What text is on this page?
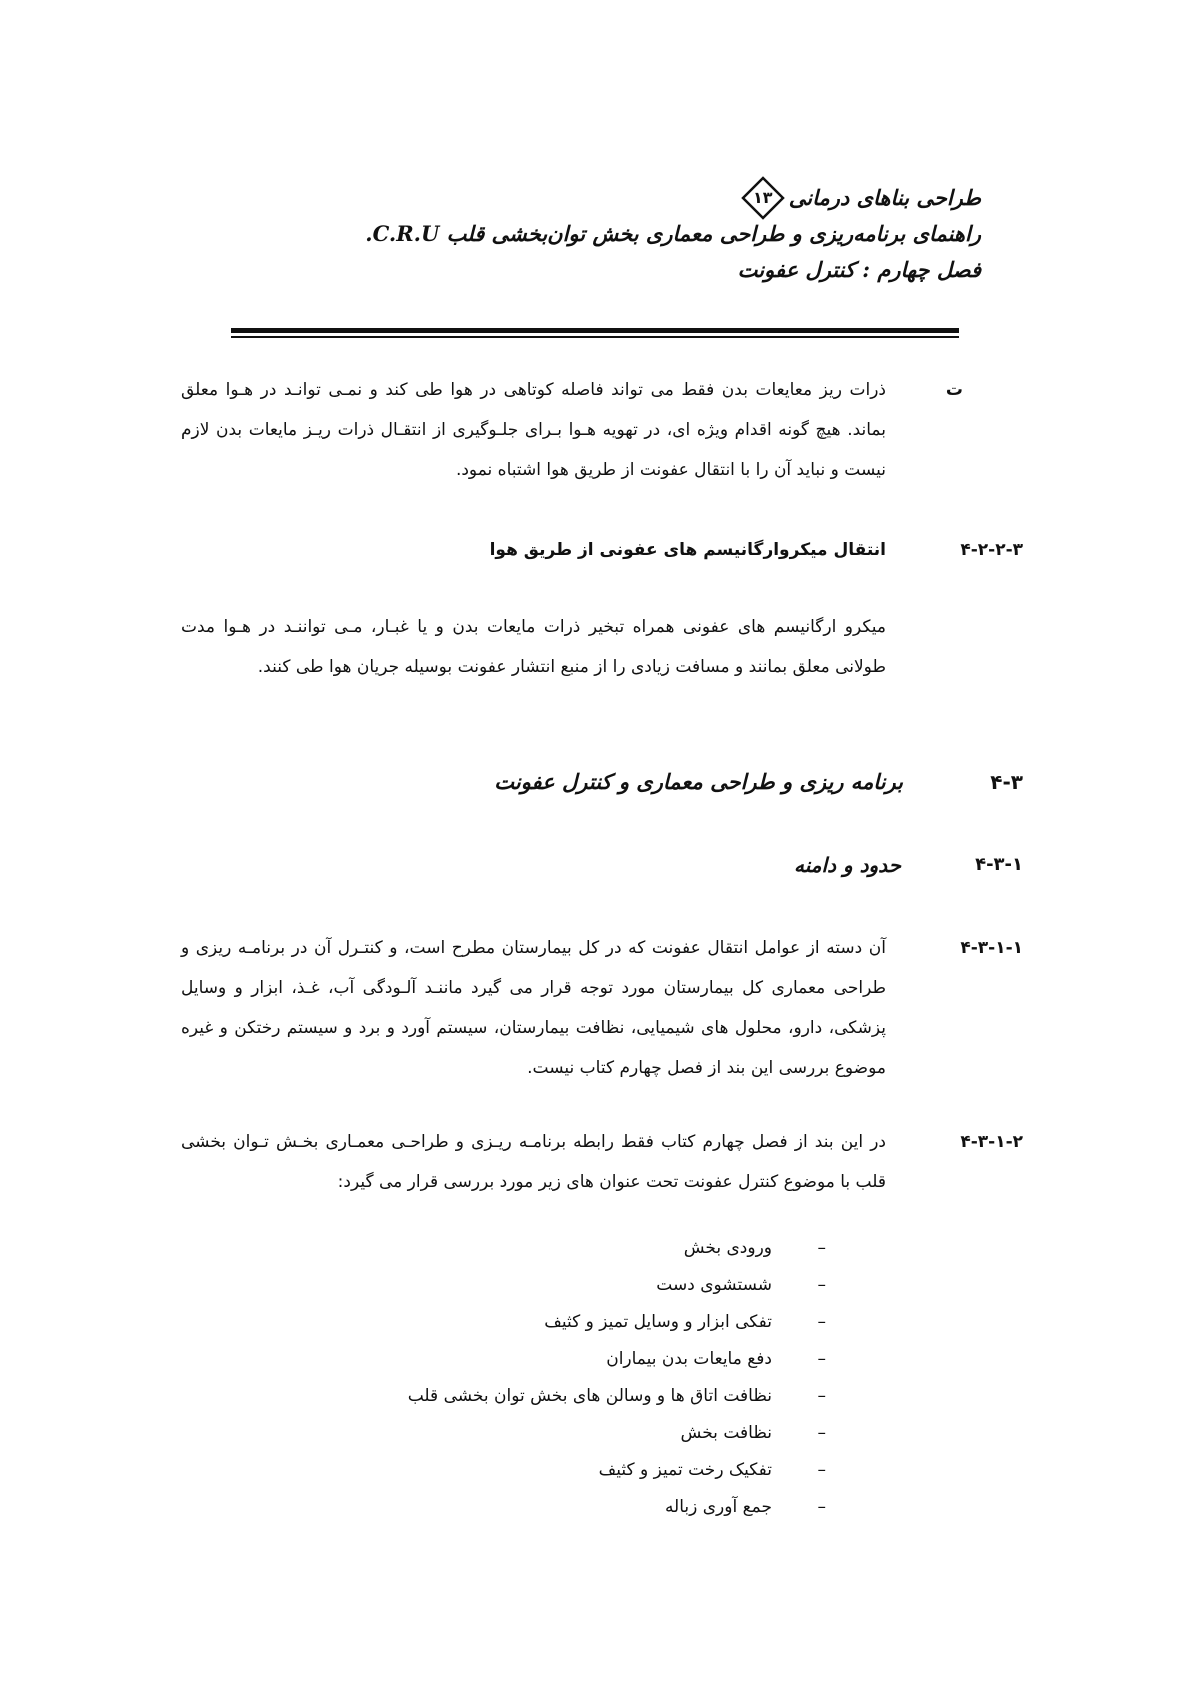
طراحی بناهای درمانی
۱۳
راهنمای برنامه‌ریزی و طراحی معماری بخش توان‌بخشی قلب C.R.U.
فصل چهارم : کنترل عفونت
ت
ذرات ریز معایعات بدن فقط می تواند فاصله کوتاهی در هوا طی کند و نمـی توانـد در هـوا معلق بماند. هیچ گونه اقدام ویژه ای، در تهویه هـوا بـرای جلـوگیری از انتقـال ذرات ریـز مایعات بدن لازم نیست و نباید آن را با انتقال عفونت از طریق هوا اشتباه نمود.
۴-۲-۲-۳
انتقال میکروارگانیسم های عفونی از طریق هوا
میکرو ارگانیسم های عفونی همراه تبخیر ذرات مایعات بدن و یا غبـار، مـی تواننـد در هـوا مدت طولانی معلق بمانند و مسافت زیادی را از منبع انتشار عفونت بوسیله جریان هوا طی کنند.
۴-۳
برنامه ریزی و طراحی معماری و کنترل عفونت
۴-۳-۱
حدود و دامنه
۴-۳-۱-۱
آن دسته از عوامل انتقال عفونت که در کل بیمارستان مطرح است، و کنتـرل آن در برنامـه ریزی و طراحی معماری کل بیمارستان مورد توجه قرار می گیرد ماننـد آلـودگی آب، غـذ، ابزار و وسایل پزشکی، دارو، محلول های شیمیایی، نظافت بیمارستان، سیستم آورد و برد و سیستم رختکن و غیره موضوع بررسی این بند از فصل چهارم کتاب نیست.
۴-۳-۱-۲
در این بند از فصل چهارم کتاب فقط رابطه برنامـه ریـزی و طراحـی معمـاری بخـش تـوان بخشی قلب با موضوع کنترل عفونت تحت عنوان های زیر مورد بررسی قرار می گیرد:
–ورودی بخش
–شستشوی دست
–تفکی ابزار و وسایل تمیز و کثیف
–دفع مایعات بدن بیماران
–نظافت اتاق ها و وسالن های بخش توان بخشی قلب
–نظافت بخش
–تفکیک رخت تمیز و کثیف
–جمع آوری زباله
